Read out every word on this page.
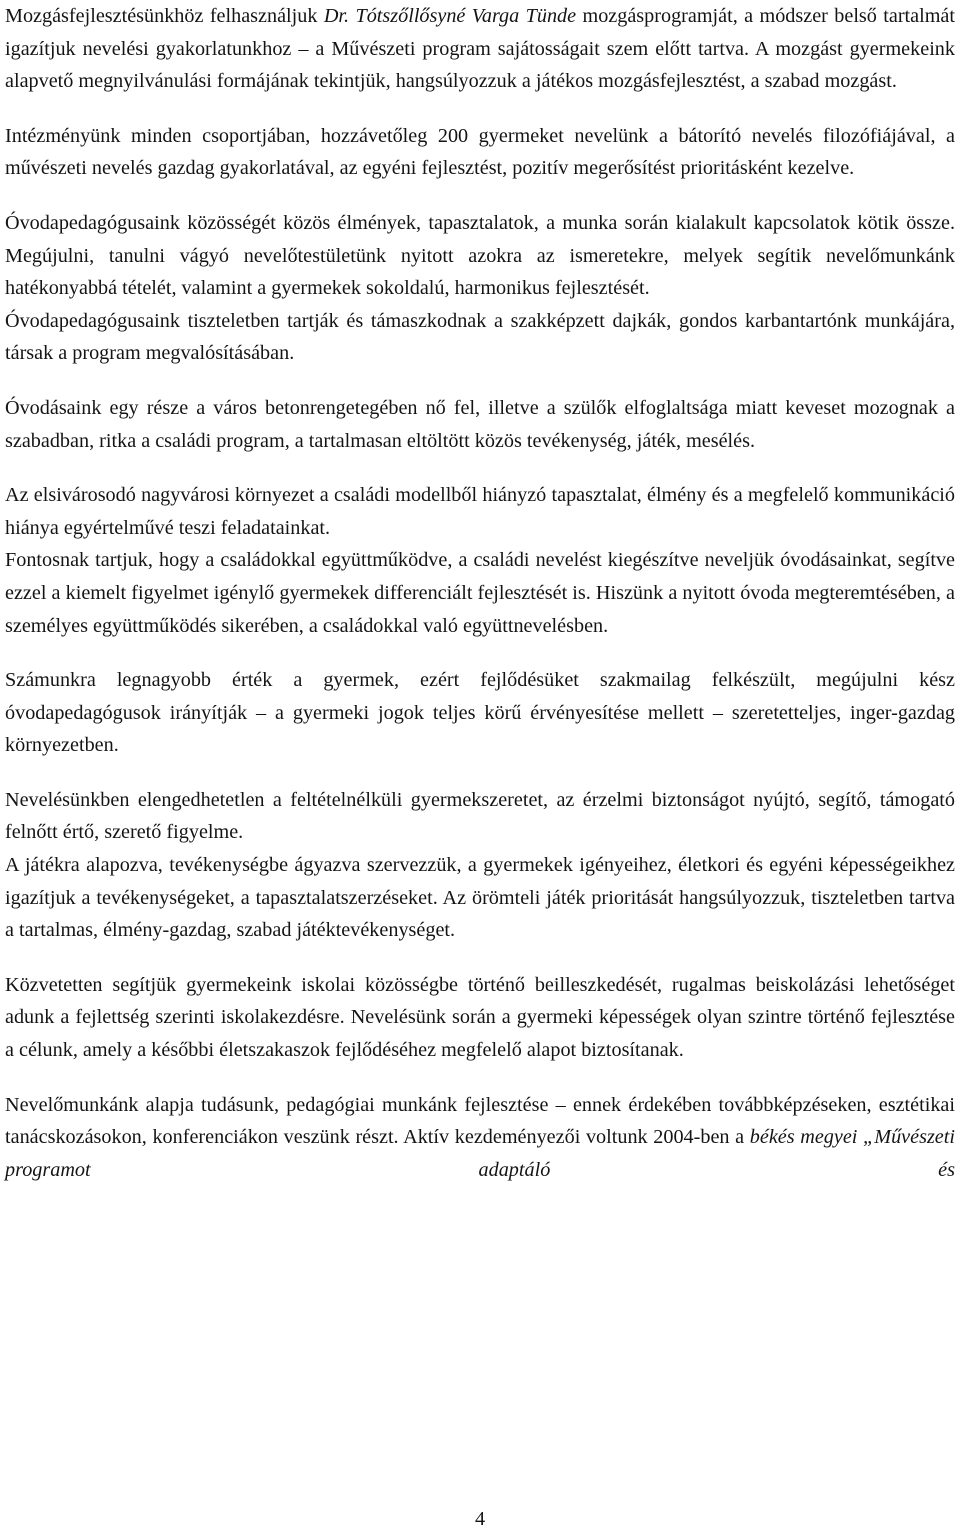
Mozgásfejlesztésünkhöz felhasználjuk Dr. Tótszőllősyné Varga Tünde mozgásprogramját, a módszer belső tartalmát igazítjuk nevelési gyakorlatunkhoz – a Művészeti program sajátosságait szem előtt tartva. A mozgást gyermekeink alapvető megnyilvánulási formájának tekintjük, hangsúlyozzuk a játékos mozgásfejlesztést, a szabad mozgást.

Intézményünk minden csoportjában, hozzávetőleg 200 gyermeket nevelünk a bátorító nevelés filozófiájával, a művészeti nevelés gazdag gyakorlatával, az egyéni fejlesztést, pozitív megerősítést prioritásként kezelve.

Óvodapedagógusaink közösségét közös élmények, tapasztalatok, a munka során kialakult kapcsolatok kötik össze. Megújulni, tanulni vágyó nevelőtestületünk nyitott azokra az ismeretekre, melyek segítik nevelőmunkánk hatékonyabbá tételét, valamint a gyermekek sokoldalú, harmonikus fejlesztését.

Óvodapedagógusaink tiszteletben tartják és támaszkodnak a szakképzett dajkák, gondos karbantartónk munkájára, társak a program megvalósításában.

Óvodásaink egy része a város betonrengetegében nő fel, illetve a szülők elfoglaltsága miatt keveset mozognak a szabadban, ritka a családi program, a tartalmasan eltöltött közös tevékenység, játék, mesélés.

Az elsivárosodó nagyvárosi környezet a családi modellből hiányzó tapasztalat, élmény és a megfelelő kommunikáció hiánya egyértelművé teszi feladatainkat.

Fontosnak tartjuk, hogy a családokkal együttműködve, a családi nevelést kiegészítve neveljük óvodásainkat, segítve ezzel a kiemelt figyelmet igénylő gyermekek differenciált fejlesztését is. Hiszünk a nyitott óvoda megteremtésében, a személyes együttműködés sikerében, a családokkal való együttnevelésben.

Számunkra legnagyobb érték a gyermek, ezért fejlődésüket szakmailag felkészült, megújulni kész óvodapedagógusok irányítják – a gyermeki jogok teljes körű érvényesítése mellett – szeretetteljes, inger-gazdag környezetben.

Nevelésünkben elengedhetetlen a feltételnélküli gyermekszeretet, az érzelmi biztonságot nyújtó, segítő, támogató felnőtt értő, szerető figyelme.

A játékra alapozva, tevékenységbe ágyazva szervezzük, a gyermekek igényeihez, életkori és egyéni képességeikhez igazítjuk a tevékenységeket, a tapasztalatszerzéseket. Az örömteli játék prioritását hangsúlyozzuk, tiszteletben tartva a tartalmas, élmény-gazdag, szabad játéktevékenységet.

Közvetetten segítjük gyermekeink iskolai közösségbe történő beilleszkedését, rugalmas beiskolázási lehetőséget adunk a fejlettség szerinti iskolakezdésre. Nevelésünk során a gyermeki képességek olyan szintre történő fejlesztése a célunk, amely a későbbi életszakaszok fejlődéséhez megfelelő alapot biztosítanak.

Nevelőmunkánk alapja tudásunk, pedagógiai munkánk fejlesztése – ennek érdekében továbbképzéseken, esztétikai tanácskozásokon, konferenciákon veszünk részt. Aktív kezdeményezői voltunk 2004-ben a békés megyei „Művészeti programot adaptáló és

4
